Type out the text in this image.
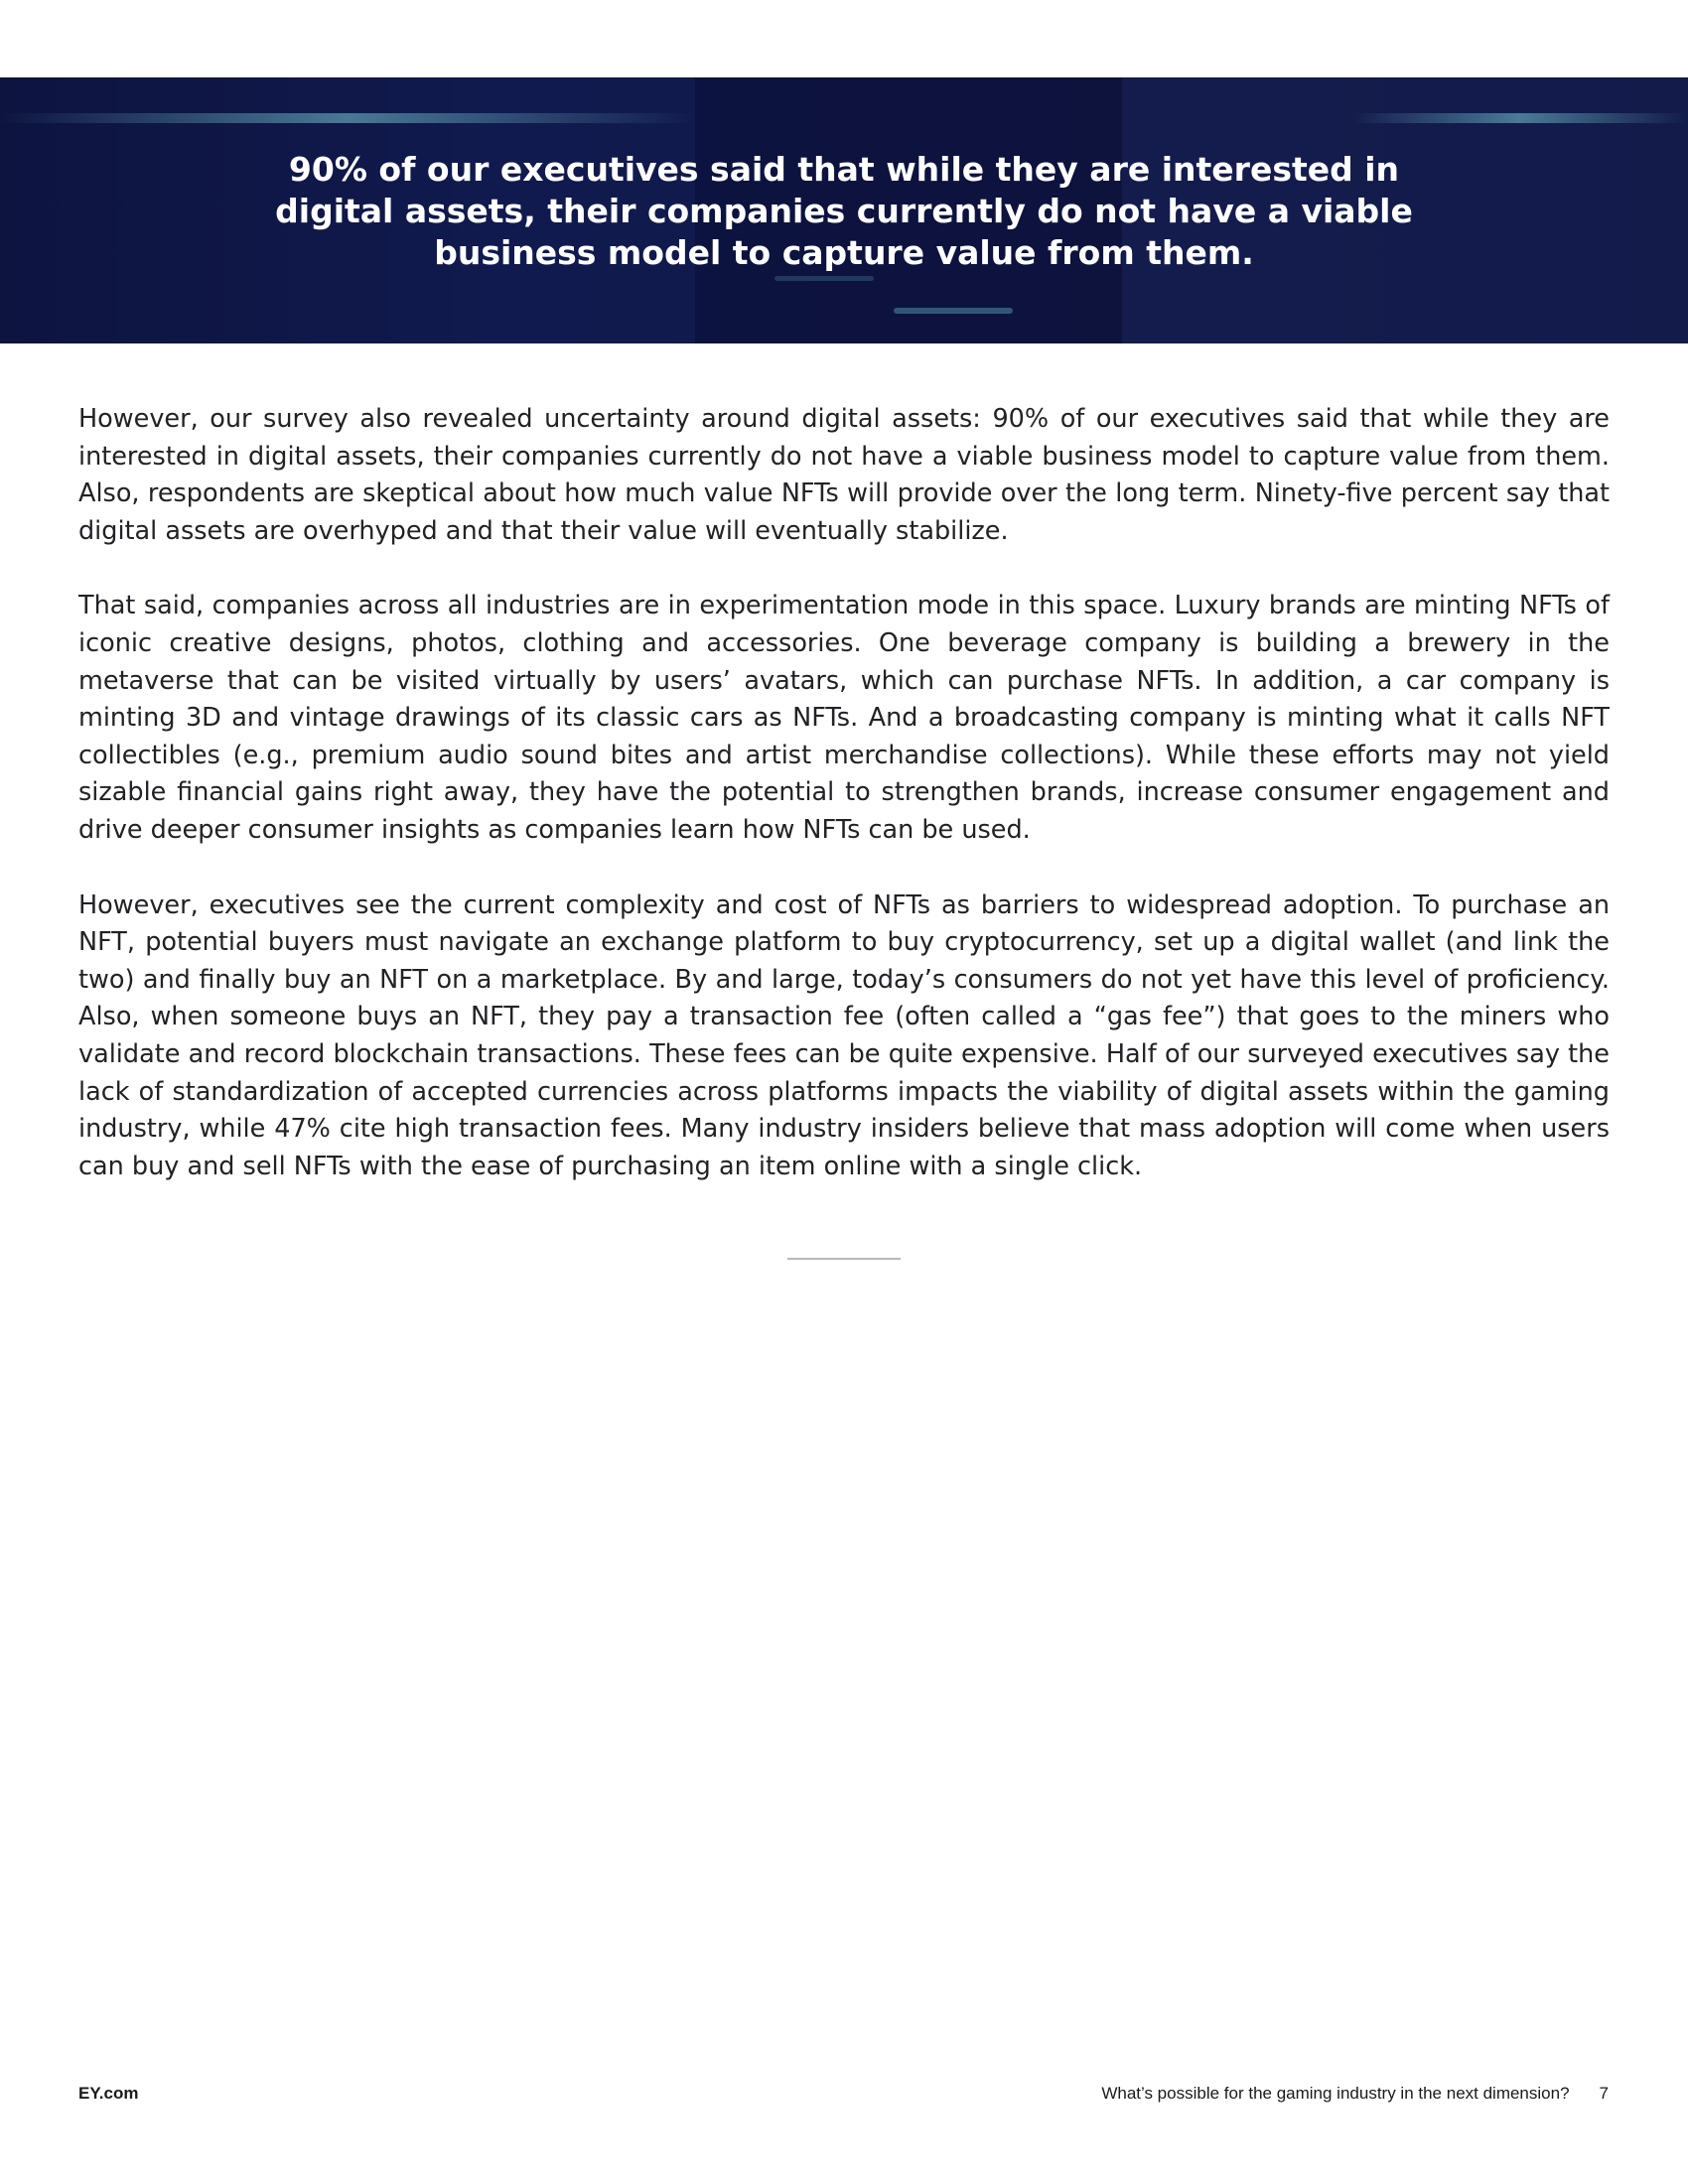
90% of our executives said that while they are interested in digital assets, their companies currently do not have a viable business model to capture value from them.

However, our survey also revealed uncertainty around digital assets: 90% of our executives said that while they are interested in digital assets, their companies currently do not have a viable business model to capture value from them. Also, respondents are skeptical about how much value NFTs will provide over the long term. Ninety-five percent say that digital assets are overhyped and that their value will eventually stabilize.

That said, companies across all industries are in experimentation mode in this space. Luxury brands are minting NFTs of iconic creative designs, photos, clothing and accessories. One beverage company is building a brewery in the metaverse that can be visited virtually by users’ avatars, which can purchase NFTs. In addition, a car company is minting 3D and vintage drawings of its classic cars as NFTs. And a broadcasting company is minting what it calls NFT collectibles (e.g., premium audio sound bites and artist merchandise collections). While these efforts may not yield sizable financial gains right away, they have the potential to strengthen brands, increase consumer engagement and drive deeper consumer insights as companies learn how NFTs can be used.

However, executives see the current complexity and cost of NFTs as barriers to widespread adoption. To purchase an NFT, potential buyers must navigate an exchange platform to buy cryptocurrency, set up a digital wallet (and link the two) and finally buy an NFT on a marketplace. By and large, today’s consumers do not yet have this level of proficiency. Also, when someone buys an NFT, they pay a transaction fee (often called a “gas fee”) that goes to the miners who validate and record blockchain transactions. These fees can be quite expensive. Half of our surveyed executives say the lack of standardization of accepted currencies across platforms impacts the viability of digital assets within the gaming industry, while 47% cite high transaction fees. Many industry insiders believe that mass adoption will come when users can buy and sell NFTs with the ease of purchasing an item online with a single click.

EY.com	What’s possible for the gaming industry in the next dimension? 7
